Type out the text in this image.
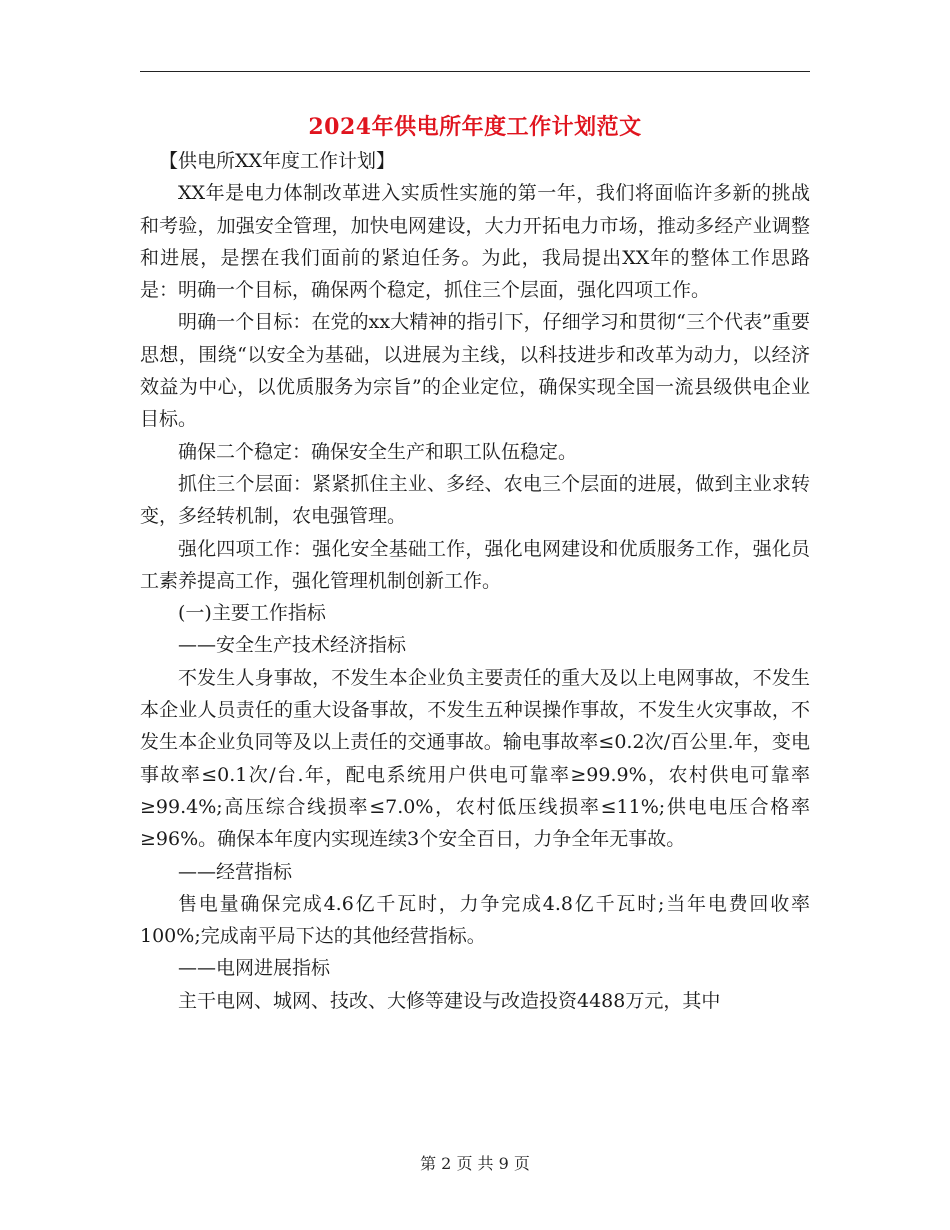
2024年供电所年度工作计划范文

【供电所XX年度工作计划】

XX年是电力体制改革进入实质性实施的第一年，我们将面临许多新的挑战和考验，加强安全管理，加快电网建设，大力开拓电力市场，推动多经产业调整和进展，是摆在我们面前的紧迫任务。为此，我局提出XX年的整体工作思路是：明确一个目标，确保两个稳定，抓住三个层面，强化四项工作。

明确一个目标：在党的xx大精神的指引下，仔细学习和贯彻“三个代表”重要思想，围绕“以安全为基础，以进展为主线，以科技进步和改革为动力，以经济效益为中心，以优质服务为宗旨”的企业定位，确保实现全国一流县级供电企业目标。

确保二个稳定：确保安全生产和职工队伍稳定。

抓住三个层面：紧紧抓住主业、多经、农电三个层面的进展，做到主业求转变，多经转机制，农电强管理。

强化四项工作：强化安全基础工作，强化电网建设和优质服务工作，强化员工素养提高工作，强化管理机制创新工作。

(一)主要工作指标

——安全生产技术经济指标

不发生人身事故，不发生本企业负主要责任的重大及以上电网事故，不发生本企业人员责任的重大设备事故，不发生五种误操作事故，不发生火灾事故，不发生本企业负同等及以上责任的交通事故。输电事故率≤0.2次/百公里.年，变电事故率≤0.1次/台.年，配电系统用户供电可靠率≥99.9%，农村供电可靠率 ≥99.4%;高压综合线损率≤7.0%，农村低压线损率≤11%;供电电压合格率≥96%。确保本年度内实现连续3个安全百日，力争全年无事故。

——经营指标

售电量确保完成4.6亿千瓦时，力争完成4.8亿千瓦时;当年电费回收率100%;完成南平局下达的其他经营指标。

——电网进展指标

主干电网、城网、技改、大修等建设与改造投资4488万元，其中

第 2 页 共 9 页
